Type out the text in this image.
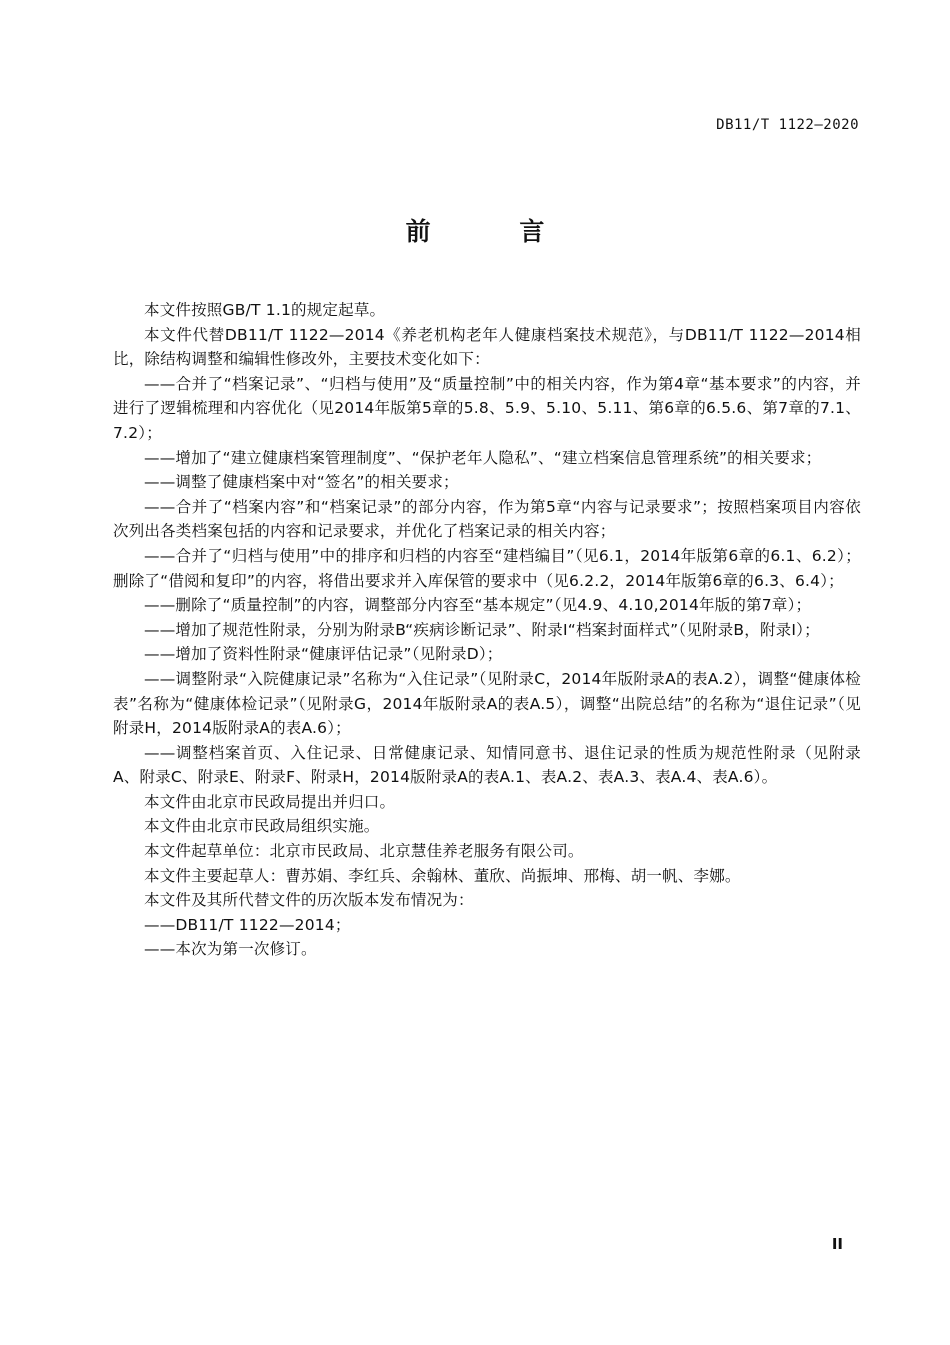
DB11/T 1122—2020
前 言

本文件按照GB/T 1.1的规定起草。

本文件代替DB11/T 1122—2014《养老机构老年人健康档案技术规范》，与DB11/T 1122—2014相比，除结构调整和编辑性修改外，主要技术变化如下：

——合并了“档案记录”、“归档与使用”及“质量控制”中的相关内容，作为第4章“基本要求”的内容，并进行了逻辑梳理和内容优化（见2014年版第5章的5.8、5.9、5.10、5.11、第6章的6.5.6、第7章的7.1、7.2）；

——增加了“建立健康档案管理制度”、“保护老年人隐私”、“建立档案信息管理系统”的相关要求；

——调整了健康档案中对“签名”的相关要求；

——合并了“档案内容”和“档案记录”的部分内容，作为第5章“内容与记录要求”；按照档案项目内容依次列出各类档案包括的内容和记录要求，并优化了档案记录的相关内容；

——合并了“归档与使用”中的排序和归档的内容至“建档编目”（见6.1，2014年版第6章的6.1、6.2）；删除了“借阅和复印”的内容，将借出要求并入库保管的要求中（见6.2.2，2014年版第6章的6.3、6.4）；

——删除了“质量控制”的内容，调整部分内容至“基本规定”（见4.9、4.10,2014年版的第7章）；

——增加了规范性附录，分别为附录B“疾病诊断记录”、附录I“档案封面样式”（见附录B，附录I）；

——增加了资料性附录“健康评估记录”（见附录D）；

——调整附录“入院健康记录”名称为“入住记录”（见附录C，2014年版附录A的表A.2），调整“健康体检表”名称为“健康体检记录”（见附录G，2014年版附录A的表A.5），调整“出院总结”的名称为“退住记录”（见附录H，2014版附录A的表A.6）；

——调整档案首页、入住记录、日常健康记录、知情同意书、退住记录的性质为规范性附录（见附录A、附录C、附录E、附录F、附录H，2014版附录A的表A.1、表A.2、表A.3、表A.4、表A.6）。

本文件由北京市民政局提出并归口。

本文件由北京市民政局组织实施。

本文件起草单位：北京市民政局、北京慧佳养老服务有限公司。

本文件主要起草人：曹苏娟、李红兵、余翰林、董欣、尚振坤、邢梅、胡一帆、李娜。

本文件及其所代替文件的历次版本发布情况为：

——DB11/T 1122—2014；

——本次为第一次修订。

II
